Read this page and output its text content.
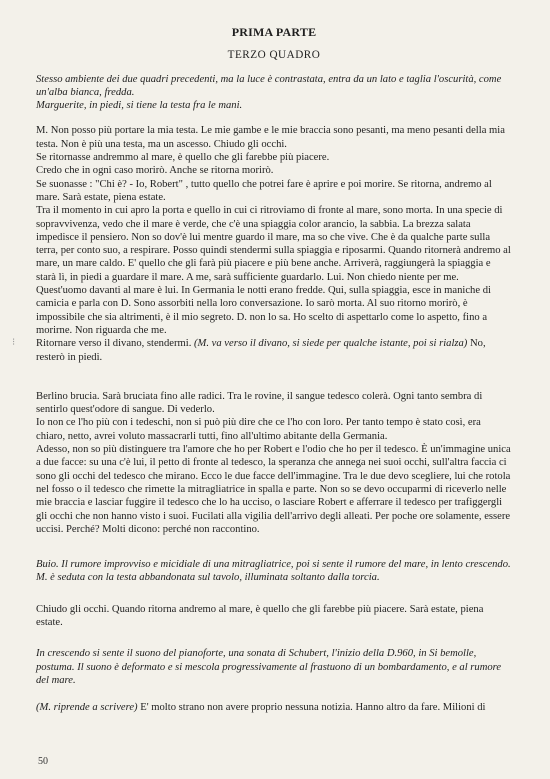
⁝
PRIMA PARTE
TERZO QUADRO

Stesso ambiente dei due quadri precedenti, ma la luce è contrastata, entra da un lato e taglia l'oscurità, come un'alba bianca, fredda.

Marguerite, in piedi, si tiene la testa fra le mani.

M. Non posso più portare la mia testa. Le mie gambe e le mie braccia sono pesanti, ma meno pesanti della mia testa. Non è più una testa, ma un ascesso. Chiudo gli occhi.

Se ritornasse andremmo al mare, è quello che gli farebbe più piacere.

Credo che in ogni caso morirò. Anche se ritorna morirò.

Se suonasse : "Chi è? - Io, Robert" , tutto quello che potrei fare è aprire e poi morire. Se ritorna, andremo al mare. Sarà estate, piena estate.

Tra il momento in cui apro la porta e quello in cui ci ritroviamo di fronte al mare, sono morta. In una specie di sopravvivenza, vedo che il mare è verde, che c'è una spiaggia color arancio, la sabbia. La brezza salata impedisce il pensiero. Non so dov'è lui mentre guardo il mare, ma so che vive. Che è da qualche parte sulla terra, per conto suo, a respirare. Posso quindi stendermi sulla spiaggia e riposarmi. Quando ritornerà andremo al mare, un mare caldo. E' quello che gli farà più piacere e più bene anche. Arriverà, raggiungerà la spiaggia e starà lì, in piedi a guardare il mare. A me, sarà sufficiente guardarlo. Lui. Non chiedo niente per me. Quest'uomo davanti al mare è lui. In Germania le notti erano fredde. Qui, sulla spiaggia, esce in maniche di camicia e parla con D. Sono assorbiti nella loro conversazione. Io sarò morta. Al suo ritorno morirò, è impossibile che sia altrimenti, è il mio segreto. D. non lo sa. Ho scelto di aspettarlo come lo aspetto, fino a morirne. Non riguarda che me.

Ritornare verso il divano, stendermi. (M. va verso il divano, si siede per qualche istante, poi si rialza) No, resterò in piedi.

Berlino brucia. Sarà bruciata fino alle radici. Tra le rovine, il sangue tedesco colerà. Ogni tanto sembra di sentirlo quest'odore di sangue. Di vederlo.

Io non ce l'ho più con i tedeschi, non si può più dire che ce l'ho con loro. Per tanto tempo è stato così, era chiaro, netto, avrei voluto massacrarli tutti, fino all'ultimo abitante della Germania.

Adesso, non so più distinguere tra l'amore che ho per Robert e l'odio che ho per il tedesco. È un'immagine unica a due facce: su una c'è lui, il petto di fronte al tedesco, la speranza che annega nei suoi occhi, sull'altra faccia ci sono gli occhi del tedesco che mirano. Ecco le due facce dell'immagine. Tra le due devo scegliere, lui che rotola nel fosso o il tedesco che rimette la mitragliatrice in spalla e parte. Non so se devo occuparmi di riceverlo nelle mie braccia e lasciar fuggire il tedesco che lo ha ucciso, o lasciare Robert e afferrare il tedesco per trafiggergli gli occhi che non hanno visto i suoi. Fucilati alla vigilia dell'arrivo degli alleati. Per poche ore solamente, essere uccisi. Perché? Molti dicono: perché non raccontino.

Buio. Il rumore improvviso e micidiale di una mitragliatrice, poi si sente il rumore del mare, in lento crescendo. M. è seduta con la testa abbandonata sul tavolo, illuminata soltanto dalla torcia.

Chiudo gli occhi. Quando ritorna andremo al mare, è quello che gli farebbe più piacere. Sarà estate, piena estate.

In crescendo si sente il suono del pianoforte, una sonata di Schubert, l'inizio della D.960, in Si bemolle, postuma. Il suono è deformato e si mescola progressivamente al frastuono di un bombardamento, e al rumore del mare.

(M. riprende a scrivere) E' molto strano non avere proprio nessuna notizia. Hanno altro da fare. Milioni di

50
